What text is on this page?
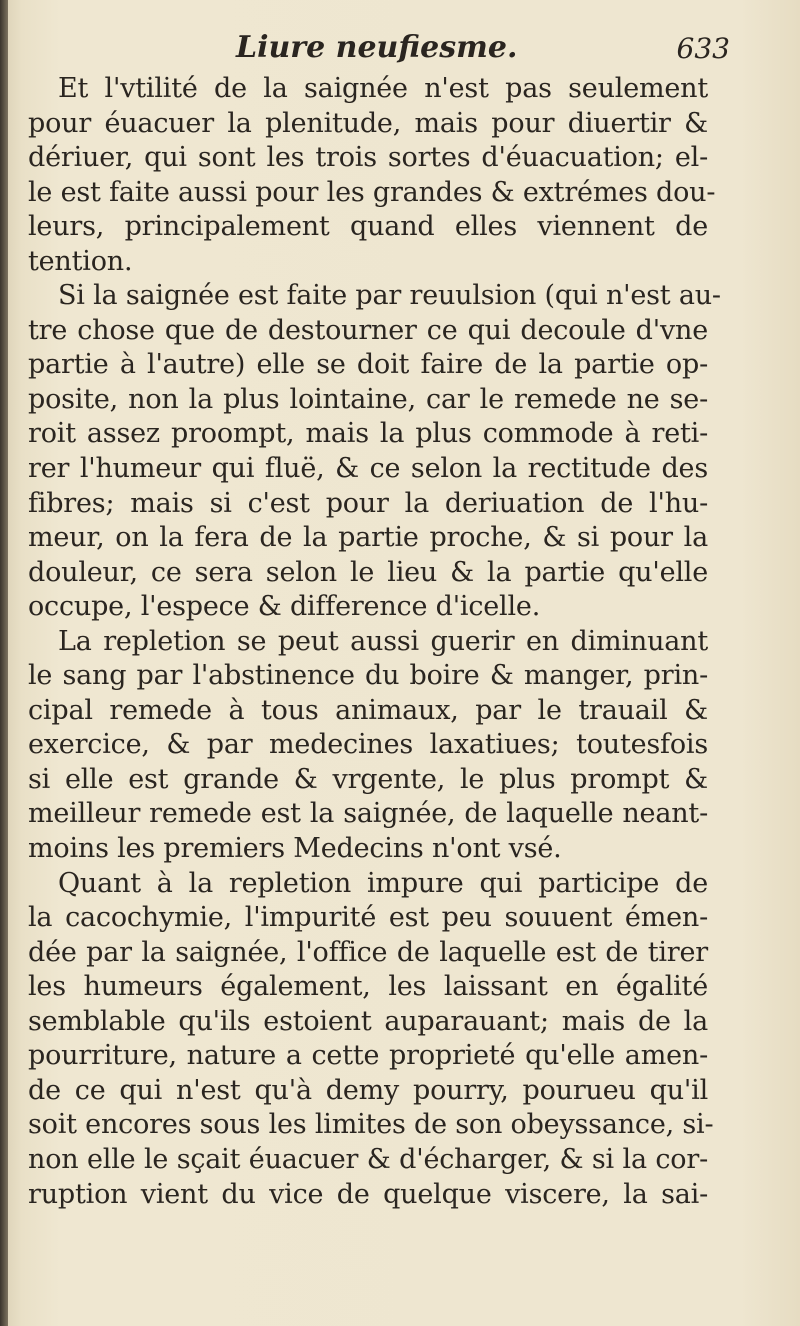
Liure neufiesme.	633
Et l'vtilité de la saignée n'est pas seulement
pour éuacuer la plenitude, mais pour diuertir &
dériuer, qui sont les trois sortes d'éuacuation; el-
le est faite aussi pour les grandes & extrémes dou-
leurs, principalement quand elles viennent de
tention.
Si la saignée est faite par reuulsion (qui n'est au-
tre chose que de destourner ce qui decoule d'vne
partie à l'autre) elle se doit faire de la partie op-
posite, non la plus lointaine, car le remede ne se-
roit assez proompt, mais la plus commode à reti-
rer l'humeur qui fluë, & ce selon la rectitude des
fibres; mais si c'est pour la deriuation de l'hu-
meur, on la fera de la partie proche, & si pour la
douleur, ce sera selon le lieu & la partie qu'elle
occupe, l'espece & difference d'icelle.
La repletion se peut aussi guerir en diminuant
le sang par l'abstinence du boire & manger, prin-
cipal remede à tous animaux, par le trauail &
exercice, & par medecines laxatiues; toutesfois
si elle est grande & vrgente, le plus prompt &
meilleur remede est la saignée, de laquelle neant-
moins les premiers Medecins n'ont vsé.
Quant à la repletion impure qui participe de
la cacochymie, l'impurité est peu souuent émen-
dée par la saignée, l'office de laquelle est de tirer
les humeurs également, les laissant en égalité
semblable qu'ils estoient auparauant; mais de la
pourriture, nature a cette proprieté qu'elle amen-
de ce qui n'est qu'à demy pourry, pourueu qu'il
soit encores sous les limites de son obeyssance, si-
non elle le sçait éuacuer & d'écharger, & si la cor-
ruption vient du vice de quelque viscere, la sai-
